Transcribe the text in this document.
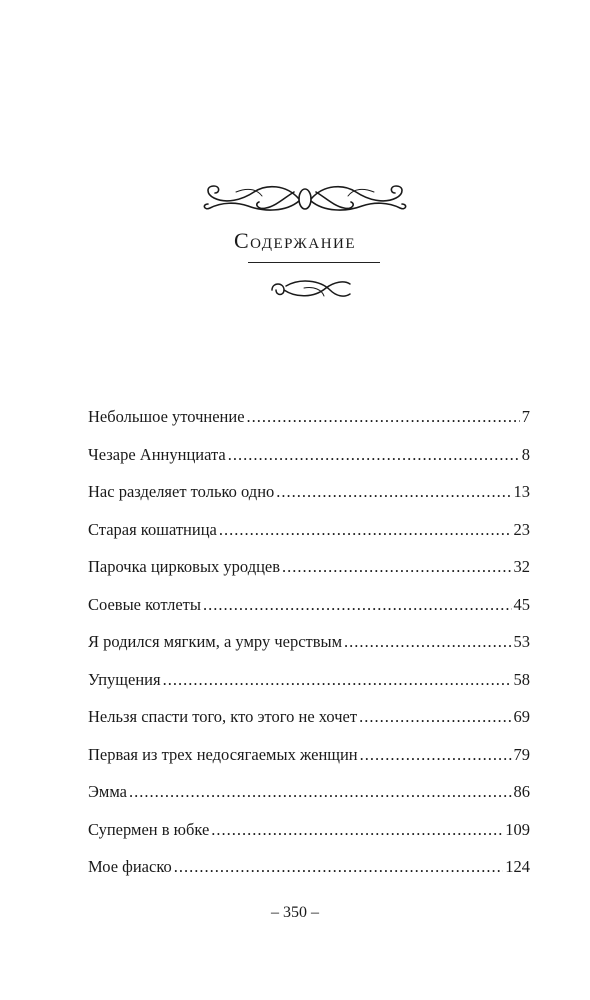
Содержание
Небольшое уточнение .....	7
Чезаре Аннунциата .....	8
Нас разделяет только одно .....	13
Старая кошатница .....	23
Парочка цирковых уродцев .....	32
Соевые котлеты .....	45
Я родился мягким, а умру черствым .....	53
Упущения .....	58
Нельзя спасти того, кто этого не хочет .....	69
Первая из трех недосягаемых женщин .....	79
Эмма .....	86
Супермен в юбке .....	109
Мое фиаско .....	124
– 350 –
